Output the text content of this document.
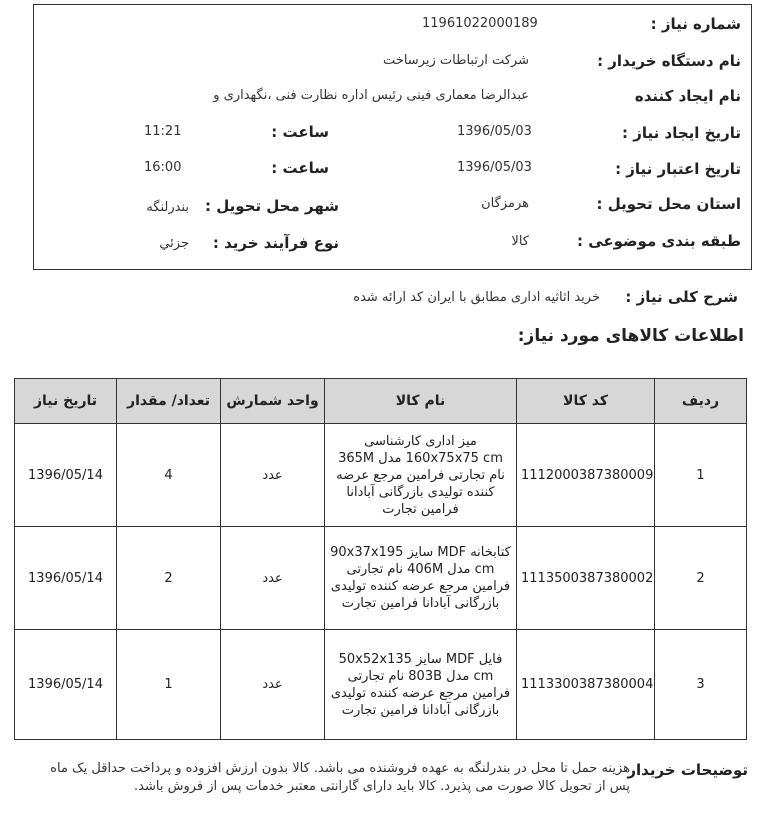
شماره نیاز :
11961022000189
نام دستگاه خریدار :
شرکت ارتباطات زیرساخت
نام ایجاد کننده
عبدالرضا معماری فینی رئیس اداره نظارت فنی ،نگهداری و
تاریخ ایجاد نیاز :
1396/05/03
ساعت :
11:21
تاریخ اعتبار نیاز :
1396/05/03
ساعت :
16:00
استان محل تحویل :
هرمزگان
شهر محل تحویل :
بندرلنگه
طبقه بندی موضوعی :
کالا
نوع فرآیند خرید :
جزئي
شرح کلی نیاز :
خرید اثاثیه اداری مطابق با ایران کد ارائه شده
اطلاعات کالاهای مورد نیاز:
تاریخ نیاز	تعداد/ مقدار	واحد شمارش	نام کالا	کد کالا	ردیف
1396/05/14	4	عدد	میز اداری کارشناسی 160x75x75 cm مدل 365M نام تجارتی فرامین مرجع عرضه کننده تولیدی بازرگانی آبادانا فرامین تجارت	1112000387380009	1
1396/05/14	2	عدد	کتابخانه MDF سایز 90x37x195 cm مدل 406M نام تجارتی فرامین مرجع عرضه کننده تولیدی بازرگانی آبادانا فرامین تجارت	1113500387380002	2
1396/05/14	1	عدد	فایل MDF سایز 50x52x135 cm مدل 803B نام تجارتی فرامین مرجع عرضه کننده تولیدی بازرگانی آبادانا فرامین تجارت	1113300387380004	3
توضیحات خریدار
هزینه حمل تا محل در بندرلنگه به عهده فروشنده می باشد. کالا بدون ارزش افزوده و پرداخت حداقل یک ماه پس از تحویل کالا صورت می پذیرد. کالا باید دارای گارانتی معتبر خدمات پس از فروش باشد.
